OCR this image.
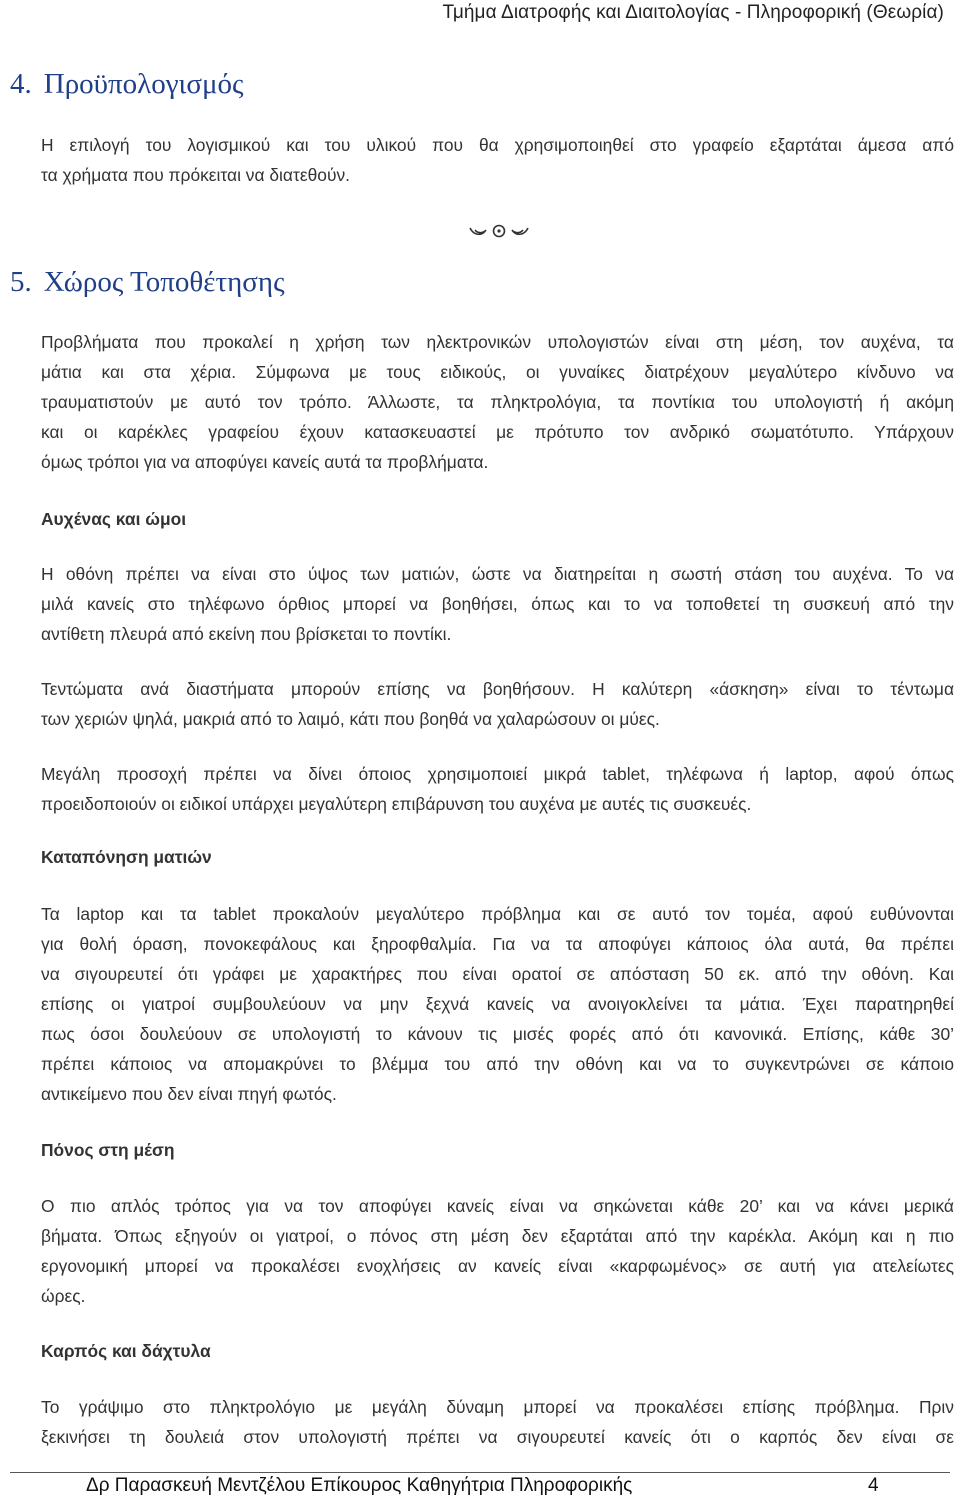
Τμήμα Διατροφής και Διαιτολογίας - Πληροφορική (Θεωρία)
4. Προϋπολογισμός
Η επιλογή του λογισμικού και του υλικού που θα χρησιμοποιηθεί στο γραφείο εξαρτάται άμεσα από
τα χρήματα που πρόκειται να διατεθούν.
5. Χώρος Τοποθέτησης
Προβλήματα που προκαλεί η χρήση των ηλεκτρονικών υπολογιστών είναι στη μέση, τον αυχένα, τα
μάτια και στα χέρια. Σύμφωνα με τους ειδικούς, οι γυναίκες διατρέχουν μεγαλύτερο κίνδυνο να
τραυματιστούν με αυτό τον τρόπο. Άλλωστε, τα πληκτρολόγια, τα ποντίκια του υπολογιστή ή ακόμη
και οι καρέκλες γραφείου έχουν κατασκευαστεί με πρότυπο τον ανδρικό σωματότυπο. Υπάρχουν
όμως τρόποι για να αποφύγει κανείς αυτά τα προβλήματα.
Αυχένας και ώμοι
Η οθόνη πρέπει να είναι στο ύψος των ματιών, ώστε να διατηρείται η σωστή στάση του αυχένα. Το να
μιλά κανείς στο τηλέφωνο όρθιος μπορεί να βοηθήσει, όπως και το να τοποθετεί τη συσκευή από την
αντίθετη πλευρά από εκείνη που βρίσκεται το ποντίκι.
Τεντώματα ανά διαστήματα μπορούν επίσης να βοηθήσουν. Η καλύτερη «άσκηση» είναι το τέντωμα
των χεριών ψηλά, μακριά από το λαιμό, κάτι που βοηθά να χαλαρώσουν οι μύες.
Μεγάλη προσοχή πρέπει να δίνει όποιος χρησιμοποιεί μικρά tablet, τηλέφωνα ή laptop, αφού όπως
προειδοποιούν οι ειδικοί υπάρχει μεγαλύτερη επιβάρυνση του αυχένα με αυτές τις συσκευές.
Καταπόνηση ματιών
Τα laptop και τα tablet προκαλούν μεγαλύτερο πρόβλημα και σε αυτό τον τομέα, αφού ευθύνονται
για θολή όραση, πονοκεφάλους και ξηροφθαλμία. Για να τα αποφύγει κάποιος όλα αυτά, θα πρέπει
να σιγουρευτεί ότι γράφει με χαρακτήρες που είναι ορατοί σε απόσταση 50 εκ. από την οθόνη. Και
επίσης οι γιατροί συμβουλεύουν να μην ξεχνά κανείς να ανοιγοκλείνει τα μάτια. Έχει παρατηρηθεί
πως όσοι δουλεύουν σε υπολογιστή το κάνουν τις μισές φορές από ότι κανονικά. Επίσης, κάθε 30’
πρέπει κάποιος να απομακρύνει το βλέμμα του από την οθόνη και να το συγκεντρώνει σε κάποιο
αντικείμενο που δεν είναι πηγή φωτός.
Πόνος στη μέση
Ο πιο απλός τρόπος για να τον αποφύγει κανείς είναι να σηκώνεται κάθε 20’ και να κάνει μερικά
βήματα. Όπως εξηγούν οι γιατροί, ο πόνος στη μέση δεν εξαρτάται από την καρέκλα. Ακόμη και η πιο
εργονομική μπορεί να προκαλέσει ενοχλήσεις αν κανείς είναι «καρφωμένος» σε αυτή για ατελείωτες
ώρες.
Καρπός και δάχτυλα
Το γράψιμο στο πληκτρολόγιο με μεγάλη δύναμη μπορεί να προκαλέσει επίσης πρόβλημα. Πριν
ξεκινήσει τη δουλειά στον υπολογιστή πρέπει να σιγουρευτεί κανείς ότι ο καρπός δεν είναι σε
Δρ Παρασκευή Μεντζέλου Επίκουρος Καθηγήτρια Πληροφορικής	4
